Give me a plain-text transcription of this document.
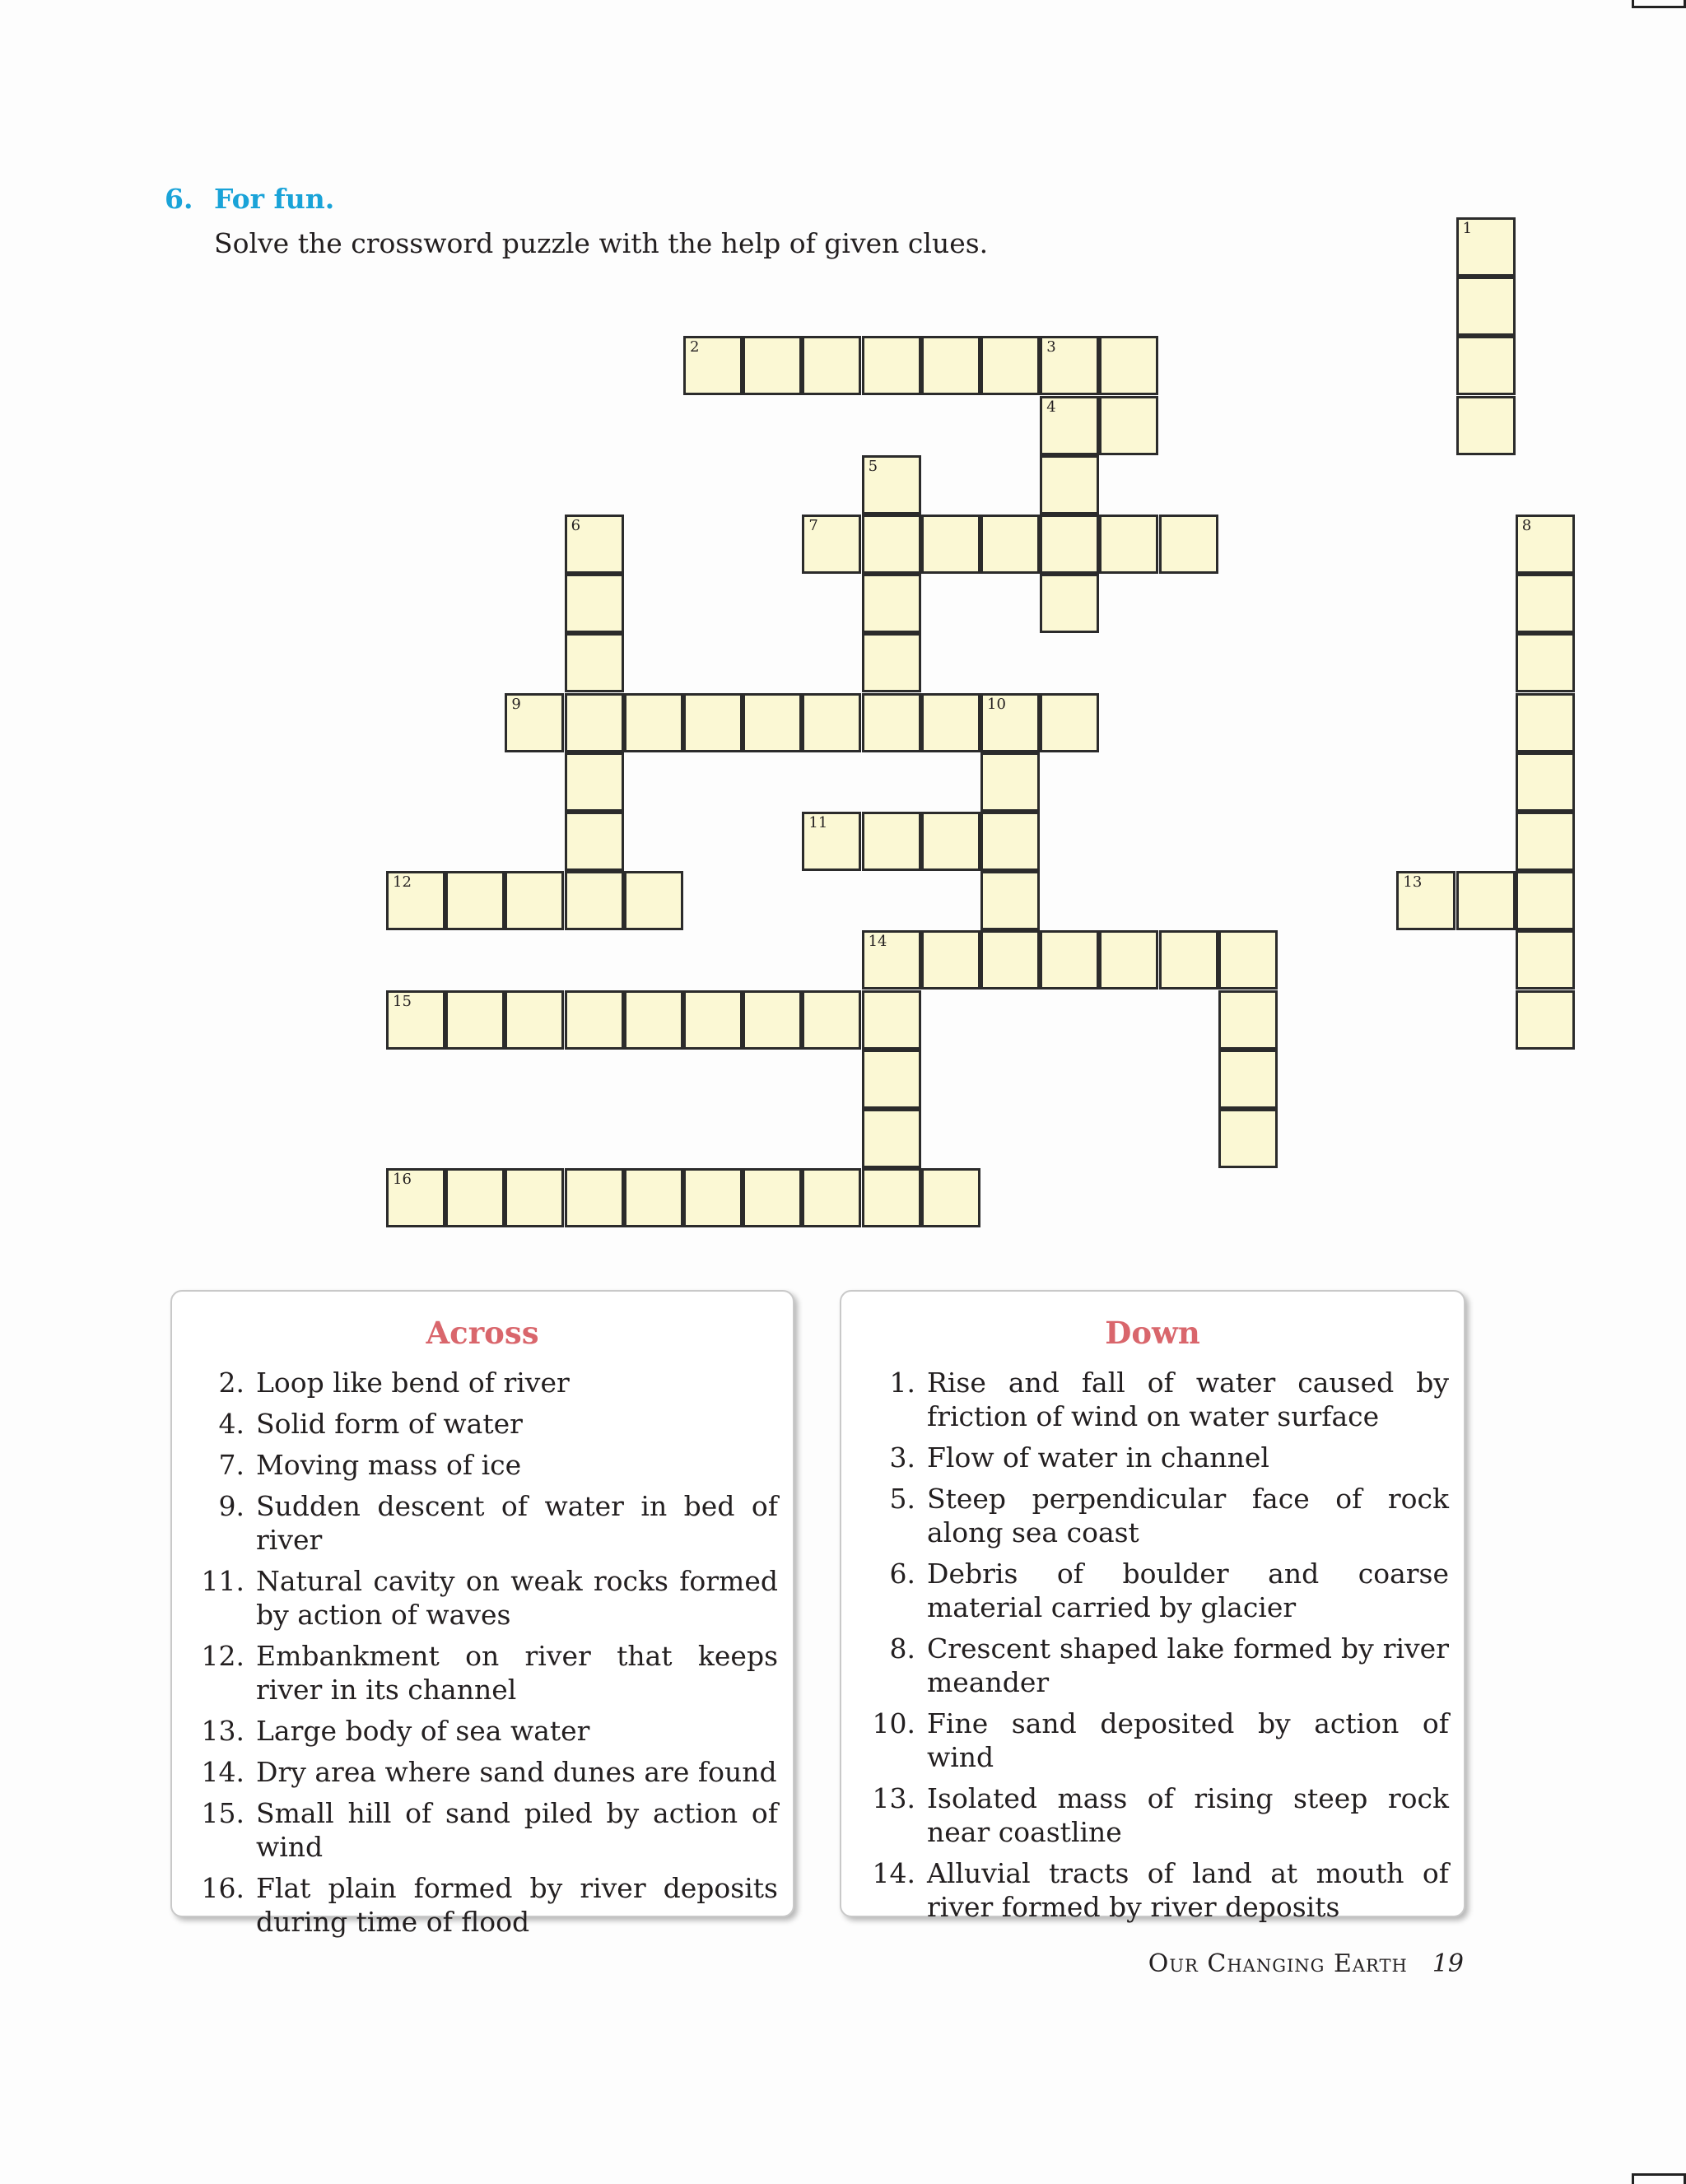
6. For fun.
Solve the crossword puzzle with the help of given clues.	1
2	3
4
5
6	7	8
9	10
11
12	13
14
15
16
Across
2. Loop like bend of river
4. Solid form of water
7. Moving mass of ice
9. Sudden descent of water in bed of river
11. Natural cavity on weak rocks formed by action of waves
12. Embankment on river that keeps river in its channel
13. Large body of sea water
14. Dry area where sand dunes are found
15. Small hill of sand piled by action of wind
16. Flat plain formed by river deposits during time of flood
Down
1. Rise and fall of water caused by friction of wind on water surface
3. Flow of water in channel
5. Steep perpendicular face of rock along sea coast
6. Debris of boulder and coarse material carried by glacier
8. Crescent shaped lake formed by river meander
10. Fine sand deposited by action of wind
13. Isolated mass of rising steep rock near coastline
14. Alluvial tracts of land at mouth of river formed by river deposits
Our Changing Earth 19
